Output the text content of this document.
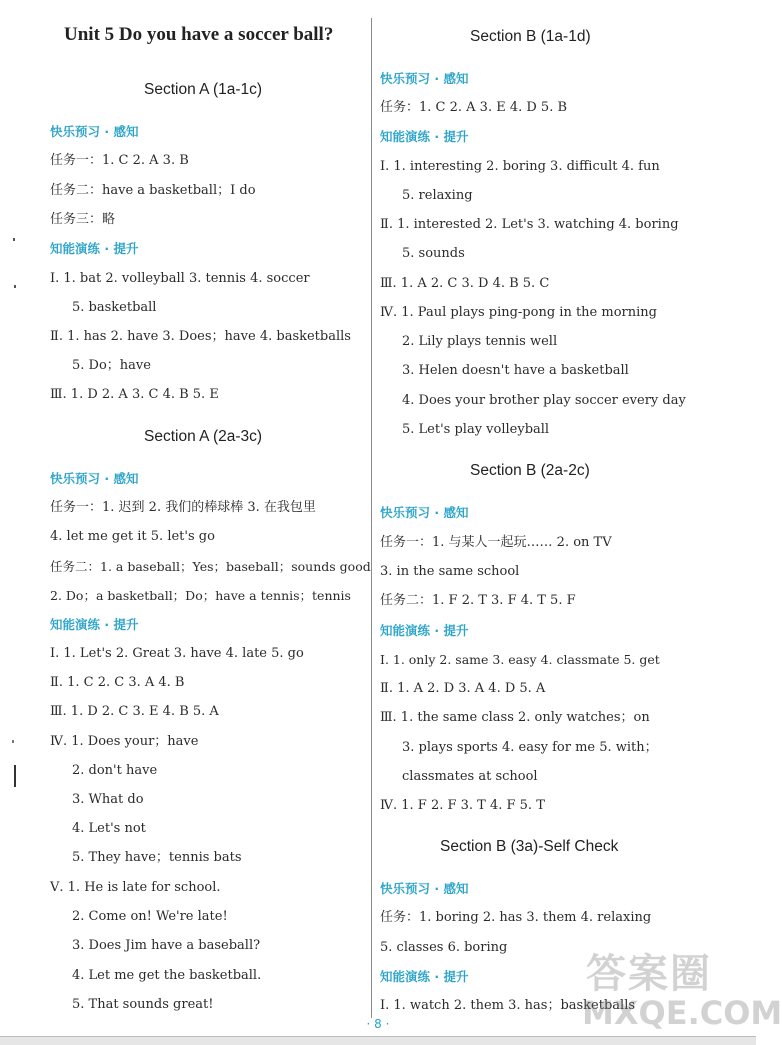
Unit 5 Do you have a soccer ball?
Section A (1a-1c)
快乐预习 · 感知
任务一：1. C 2. A 3. B
任务二：have a basketball；I do
任务三：略
知能演练 · 提升
Ⅰ. 1. bat 2. volleyball 3. tennis 4. soccer
5. basketball
Ⅱ. 1. has 2. have 3. Does；have 4. basketballs
5. Do；have
Ⅲ. 1. D 2. A 3. C 4. B 5. E
Section A (2a-3c)
快乐预习 · 感知
任务一：1. 迟到 2. 我们的棒球棒 3. 在我包里
4. let me get it 5. let's go
任务二：1. a baseball；Yes；baseball；sounds good
2. Do；a basketball；Do；have a tennis；tennis
知能演练 · 提升
Ⅰ. 1. Let's 2. Great 3. have 4. late 5. go
Ⅱ. 1. C 2. C 3. A 4. B
Ⅲ. 1. D 2. C 3. E 4. B 5. A
Ⅳ. 1. Does your；have
2. don't have
3. What do
4. Let's not
5. They have；tennis bats
Ⅴ. 1. He is late for school.
2. Come on! We're late!
3. Does Jim have a baseball?
4. Let me get the basketball.
5. That sounds great!
Section B (1a-1d)
快乐预习 · 感知
任务：1. C 2. A 3. E 4. D 5. B
知能演练 · 提升
Ⅰ. 1. interesting 2. boring 3. difficult 4. fun
5. relaxing
Ⅱ. 1. interested 2. Let's 3. watching 4. boring
5. sounds
Ⅲ. 1. A 2. C 3. D 4. B 5. C
Ⅳ. 1. Paul plays ping-pong in the morning
2. Lily plays tennis well
3. Helen doesn't have a basketball
4. Does your brother play soccer every day
5. Let's play volleyball
Section B (2a-2c)
快乐预习 · 感知
任务一：1. 与某人一起玩…… 2. on TV
3. in the same school
任务二：1. F 2. T 3. F 4. T 5. F
知能演练 · 提升
Ⅰ. 1. only 2. same 3. easy 4. classmate 5. get
Ⅱ. 1. A 2. D 3. A 4. D 5. A
Ⅲ. 1. the same class 2. only watches；on
3. plays sports 4. easy for me 5. with；
classmates at school
Ⅳ. 1. F 2. F 3. T 4. F 5. T
Section B (3a)-Self Check
快乐预习 · 感知
任务：1. boring 2. has 3. them 4. relaxing
5. classes 6. boring
知能演练 · 提升
Ⅰ. 1. watch 2. them 3. has；basketballs
答案圈
MXQE.COM
· 8 ·
